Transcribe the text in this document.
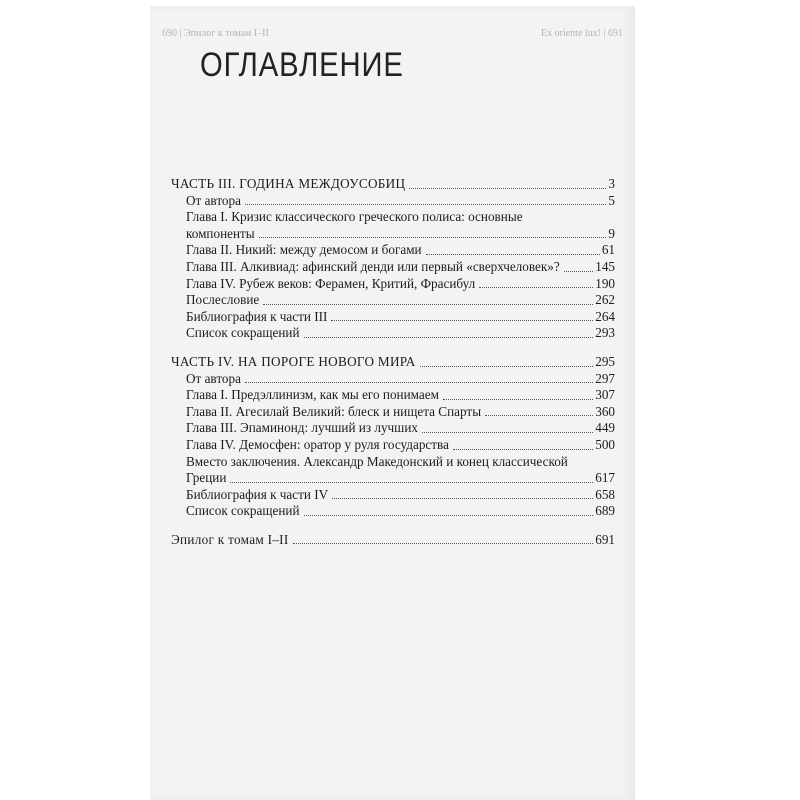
690 | Эпилог к томам I–II	Ex oriente lux! | 691

ОГЛАВЛЕНИЕ
ЧАСТЬ III. ГОДИНА МЕЖДОУСОБИЦ	3
От автора	5
Глава I. Кризис классического греческого полиса: основные
компоненты	9
Глава II. Никий: между демосом и богами	61
Глава III. Алкивиад: афинский денди или первый «сверхчеловек»?	145
Глава IV. Рубеж веков: Ферамен, Критий, Фрасибул	190
Послесловие	262
Библиография к части III	264
Список сокращений	293
ЧАСТЬ IV. НА ПОРОГЕ НОВОГО МИРА	295
От автора	297
Глава I. Предэллинизм, как мы его понимаем	307
Глава II. Агесилай Великий: блеск и нищета Спарты	360
Глава III. Эпаминонд: лучший из лучших	449
Глава IV. Демосфен: оратор у руля государства	500
Вместо заключения. Александр Македонский и конец классической
Греции	617
Библиография к части IV	658
Список сокращений	689
Эпилог к томам I–II	691
